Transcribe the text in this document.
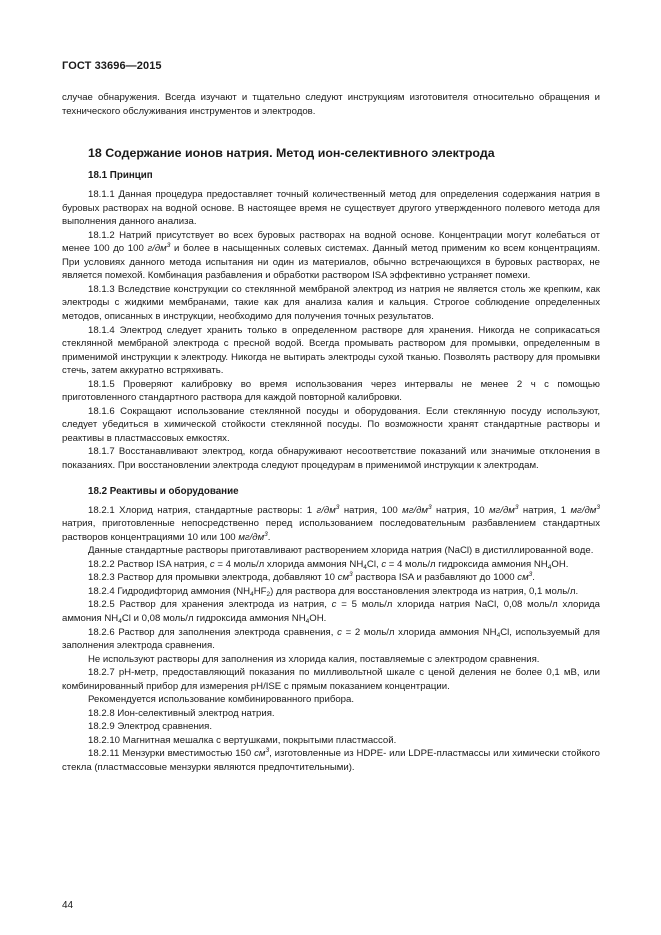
ГОСТ 33696—2015

случае обнаружения. Всегда изучают и тщательно следуют инструкциям изготовителя относительно обращения и технического обслуживания инструментов и электродов.

18 Содержание ионов натрия. Метод ион-селективного электрода
18.1 Принцип

18.1.1 Данная процедура предоставляет точный количественный метод для определения содержания натрия в буровых растворах на водной основе. В настоящее время не существует другого утвержденного полевого метода для выполнения данного анализа.

18.1.2 Натрий присутствует во всех буровых растворах на водной основе. Концентрации могут колебаться от менее 100 до 100 $г/дм^3$ и более в насыщенных солевых системах. Данный метод применим ко всем концентрациям. При условиях данного метода испытания ни один из материалов, обычно встречающихся в буровых растворах, не является помехой. Комбинация разбавления и обработки раствором ISA эффективно устраняет помехи.

18.1.3 Вследствие конструкции со стеклянной мембраной электрод из натрия не является столь же крепким, как электроды с жидкими мембранами, такие как для анализа калия и кальция. Строгое соблюдение определенных методов, описанных в инструкции, необходимо для получения точных результатов.

18.1.4 Электрод следует хранить только в определенном растворе для хранения. Никогда не соприкасаться стеклянной мембраной электрода с пресной водой. Всегда промывать раствором для промывки, определенным в применимой инструкции к электроду. Никогда не вытирать электроды сухой тканью. Позволять раствору для промывки стечь, затем аккуратно встряхивать.

18.1.5 Проверяют калибровку во время использования через интервалы не менее 2 ч с помощью приготовленного стандартного раствора для каждой повторной калибровки.

18.1.6 Сокращают использование стеклянной посуды и оборудования. Если стеклянную посуду используют, следует убедиться в химической стойкости стеклянной посуды. По возможности хранят стандартные растворы и реактивы в пластмассовых емкостях.

18.1.7 Восстанавливают электрод, когда обнаруживают несоответствие показаний или значимые отклонения в показаниях. При восстановлении электрода следуют процедурам в применимой инструкции к электродам.

18.2 Реактивы и оборудование

18.2.1 Хлорид натрия, стандартные растворы: 1 $г/дм^3$ натрия, 100 $мг/дм^3$ натрия, 10 $мг/дм^3$ натрия, 1 $мг/дм^3$ натрия, приготовленные непосредственно перед использованием последовательным разбавлением стандартных растворов концентрациями 10 или 100 $мг/дм^3$.

Данные стандартные растворы приготавливают растворением хлорида натрия (NaCl) в дистиллированной воде.

18.2.2 Раствор ISA натрия, c = 4 моль/л хлорида аммония $NH_4Cl$, c = 4 моль/л гидроксида аммония $NH_4OH$.

18.2.3 Раствор для промывки электрода, добавляют 10 $см^3$ раствора ISA и разбавляют до 1000 $см^3$.

18.2.4 Гидродифторид аммония $(NH_4HF_2)$ для раствора для восстановления электрода из натрия, 0,1 моль/л.

18.2.5 Раствор для хранения электрода из натрия, c = 5 моль/л хлорида натрия NaCl, 0,08 моль/л хлорида аммония $NH_4Cl$ и 0,08 моль/л гидроксида аммония $NH_4OH$.

18.2.6 Раствор для заполнения электрода сравнения, c = 2 моль/л хлорида аммония $NH_4Cl$, используемый для заполнения электрода сравнения.

Не используют растворы для заполнения из хлорида калия, поставляемые с электродом сравнения.

18.2.7 pH-метр, предоставляющий показания по милливольтной шкале с ценой деления не более 0,1 мВ, или комбинированный прибор для измерения pH/ISE с прямым показанием концентрации.

Рекомендуется использование комбинированного прибора.

18.2.8 Ион-селективный электрод натрия.

18.2.9 Электрод сравнения.

18.2.10 Магнитная мешалка с вертушками, покрытыми пластмассой.

18.2.11 Мензурки вместимостью 150 $см^3$, изготовленные из HDPE- или LDPE-пластмассы или химически стойкого стекла (пластмассовые мензурки являются предпочтительными).

44
